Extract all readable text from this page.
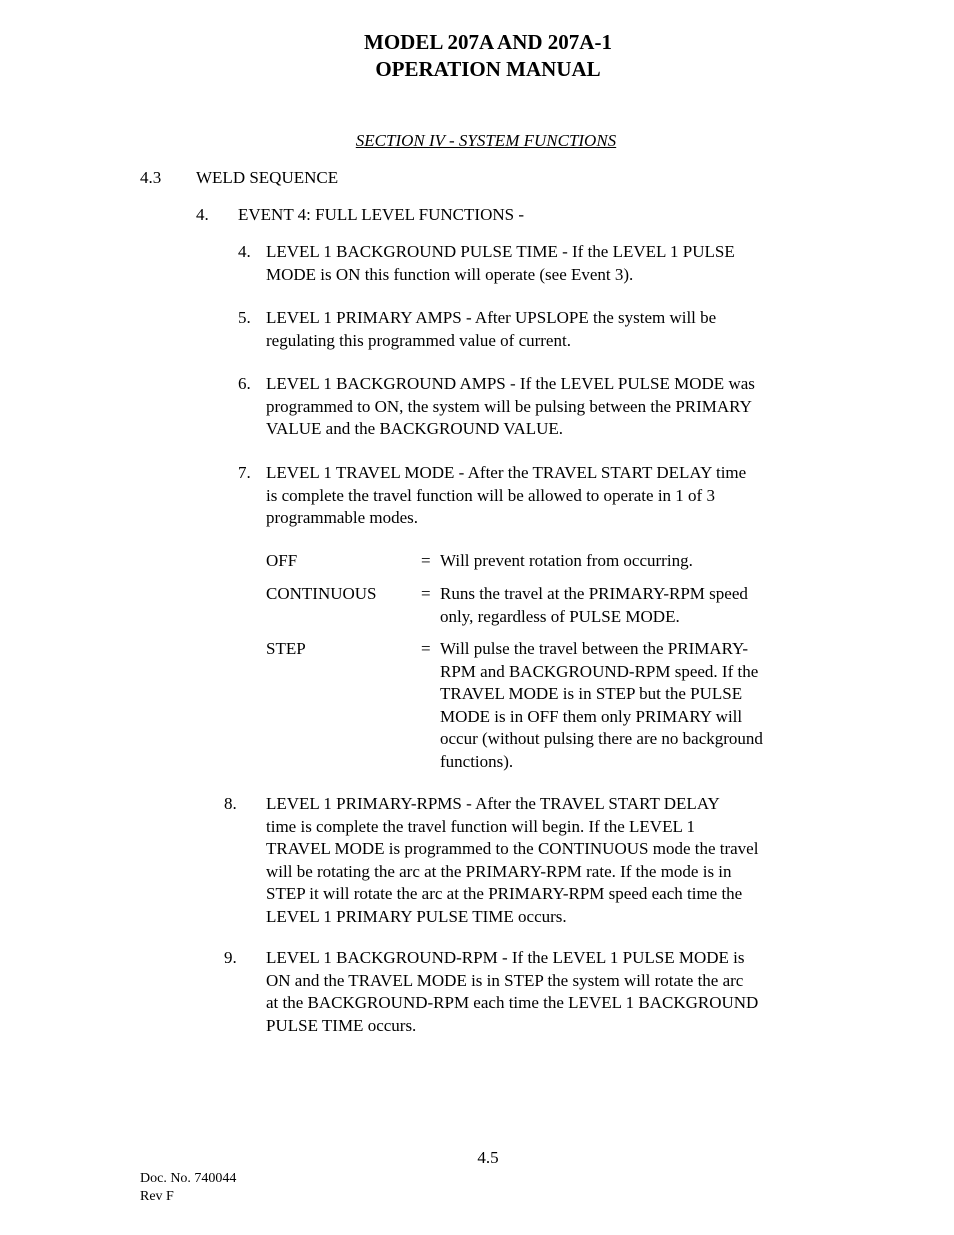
MODEL 207A AND 207A-1
OPERATION MANUAL
SECTION IV - SYSTEM FUNCTIONS
4.3 WELD SEQUENCE
4. EVENT 4: FULL LEVEL FUNCTIONS -
4. LEVEL 1 BACKGROUND PULSE TIME - If the LEVEL 1 PULSE
MODE is ON this function will operate (see Event 3).
5. LEVEL 1 PRIMARY AMPS - After UPSLOPE the system will be
regulating this programmed value of current.
6. LEVEL 1 BACKGROUND AMPS - If the LEVEL PULSE MODE was
programmed to ON, the system will be pulsing between the PRIMARY
VALUE and the BACKGROUND VALUE.
7. LEVEL 1 TRAVEL MODE - After the TRAVEL START DELAY time
is complete the travel function will be allowed to operate in 1 of 3
programmable modes.
OFF	= Will prevent rotation from occurring.
CONTINUOUS	= Runs the travel at the PRIMARY-RPM speed
only, regardless of PULSE MODE.
STEP	= Will pulse the travel between the PRIMARY-
RPM and BACKGROUND-RPM speed. If the
TRAVEL MODE is in STEP but the PULSE
MODE is in OFF them only PRIMARY will
occur (without pulsing there are no background
functions).
8. LEVEL 1 PRIMARY-RPMS - After the TRAVEL START DELAY
time is complete the travel function will begin. If the LEVEL 1
TRAVEL MODE is programmed to the CONTINUOUS mode the travel
will be rotating the arc at the PRIMARY-RPM rate. If the mode is in
STEP it will rotate the arc at the PRIMARY-RPM speed each time the
LEVEL 1 PRIMARY PULSE TIME occurs.
9. LEVEL 1 BACKGROUND-RPM - If the LEVEL 1 PULSE MODE is
ON and the TRAVEL MODE is in STEP the system will rotate the arc
at the BACKGROUND-RPM each time the LEVEL 1 BACKGROUND
PULSE TIME occurs.
4.5
Doc. No. 740044
Rev F
